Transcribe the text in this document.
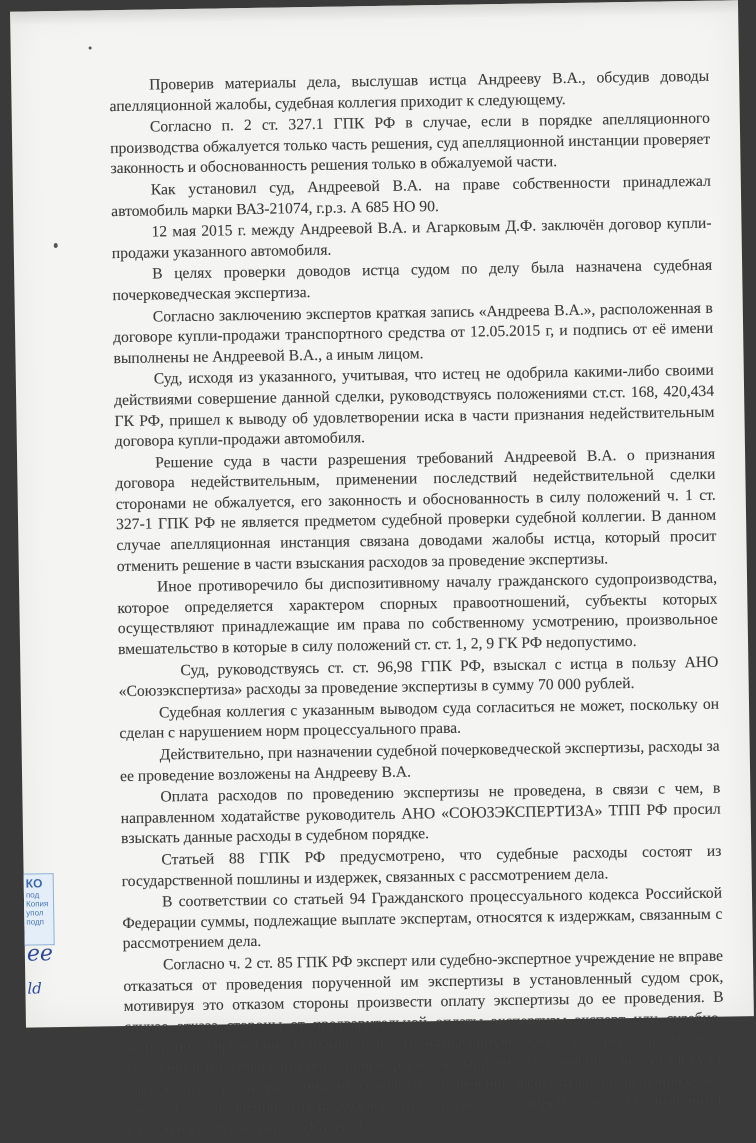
Проверив материалы дела, выслушав истца Андрееву В.А., обсудив доводы апелляционной жалобы, судебная коллегия приходит к следующему.

Согласно п. 2 ст. 327.1 ГПК РФ в случае, если в порядке апелляционного производства обжалуется только часть решения, суд апелляционной инстанции проверяет законность и обоснованность решения только в обжалуемой части.

Как установил суд, Андреевой В.А. на праве собственности принадлежал автомобиль марки ВАЗ-21074, г.р.з. А 685 НО 90.

12 мая 2015 г. между Андреевой В.А. и Агарковым Д.Ф. заключён договор купли-продажи указанного автомобиля.

В целях проверки доводов истца судом по делу была назначена судебная почерковедческая экспертиза.

Согласно заключению экспертов краткая запись «Андреева В.А.», расположенная в договоре купли-продажи транспортного средства от 12.05.2015 г, и подпись от её имени выполнены не Андреевой В.А., а иным лицом.

Суд, исходя из указанного, учитывая, что истец не одобрила какими-либо своими действиями совершение данной сделки, руководствуясь положениями ст.ст. 168, 420,434 ГК РФ, пришел к выводу об удовлетворении иска в части признания недействительным договора купли-продажи автомобиля.

Решение суда в части разрешения требований Андреевой В.А. о признания договора недействительным, применении последствий недействительной сделки сторонами не обжалуется, его законность и обоснованность в силу положений ч. 1 ст. 327-1 ГПК РФ не является предметом судебной проверки судебной коллегии. В данном случае апелляционная инстанция связана доводами жалобы истца, который просит отменить решение в части взыскания расходов за проведение экспертизы.

Иное противоречило бы диспозитивному началу гражданского судопроизводства, которое определяется характером спорных правоотношений, субъекты которых осуществляют принадлежащие им права по собственному усмотрению, произвольное вмешательство в которые в силу положений ст. ст. 1, 2, 9 ГК РФ недопустимо.

Суд, руководствуясь ст. ст. 96,98 ГПК РФ, взыскал с истца в пользу АНО «Союзэкспертиза» расходы за проведение экспертизы в сумму 70 000 рублей.

Судебная коллегия с указанным выводом суда согласиться не может, поскольку он сделан с нарушением норм процессуального права.

Действительно, при назначении судебной почерковедческой экспертизы, расходы за ее проведение возложены на Андрееву В.А.

Оплата расходов по проведению экспертизы не проведена, в связи с чем, в направленном ходатайстве руководитель АНО «СОЮЗЭКСПЕРТИЗА» ТПП РФ просил взыскать данные расходы в судебном порядке.

Статьей 88 ГПК РФ предусмотрено, что судебные расходы состоят из государственной пошлины и издержек, связанных с рассмотрением дела.

В соответствии со статьей 94 Гражданского процессуального кодекса Российской Федерации суммы, подлежащие выплате экспертам, относятся к издержкам, связанным с рассмотрением дела.

Согласно ч. 2 ст. 85 ГПК РФ эксперт или судебно-экспертное учреждение не вправе отказаться от проведения порученной им экспертизы в установленный судом срок, мотивируя это отказом стороны произвести оплату экспертизы до ее проведения. В случае отказа стороны от предварительной оплаты экспертизы эксперт или судебно-экспертное учреждение обязаны провести назначенную судом экспертизу и вместе с заявлением о возмещении понесенных расходов направить заключение эксперта в суд с документами, подтверждающими расходы на проведение экспертизы, для решения судом вопроса о возмещении этих расходов соответствующей стороной с учетом положений ч. 1 ст. 96 и ст. 98 настоящего Кодекса.

КО
под
Копия
упол
подп
ее
ld
